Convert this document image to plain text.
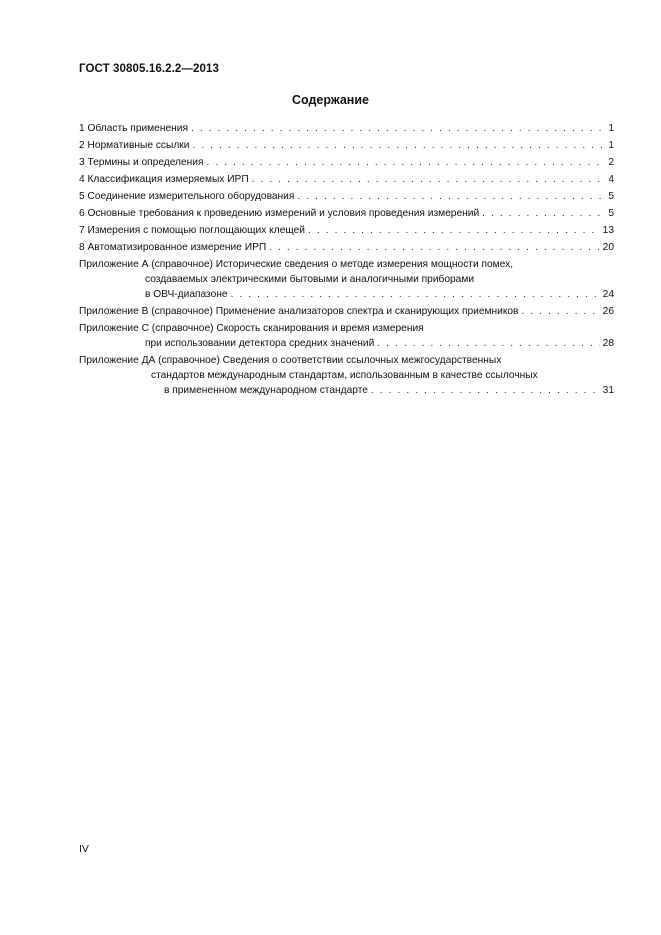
ГОСТ 30805.16.2.2—2013
Содержание
1 Область применения . . .	1
2 Нормативные ссылки . . .	1
3 Термины и определения . . .	2
4 Классификация измеряемых ИРП . . .	4
5 Соединение измерительного оборудования . . .	5
6 Основные требования к проведению измерений и условия проведения измерений . . .	5
7 Измерения с помощью поглощающих клещей . . .	13
8 Автоматизированное измерение ИРП . . .	20
Приложение А (справочное) Исторические сведения о методе измерения мощности помех,
создаваемых электрическими бытовыми и аналогичными приборами
в ОВЧ-диапазоне . . .	24
Приложение В (справочное) Применение анализаторов спектра и сканирующих приемников . . .	26
Приложение С (справочное) Скорость сканирования и время измерения
при использовании детектора средних значений . . .	28
Приложение ДА (справочное) Сведения о соответствии ссылочных межгосударственных
стандартов международным стандартам, использованным в качестве ссылочных
в примененном международном стандарте . . .	31
IV
